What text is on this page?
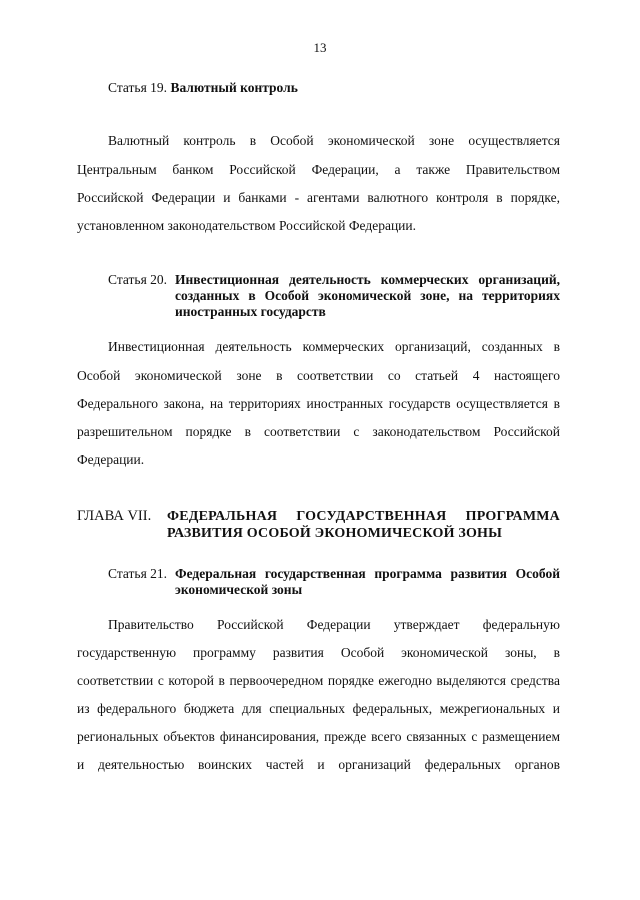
13
Статья 19. Валютный контроль
Валютный контроль в Особой экономической зоне осуществляется
Центральным банком Российской Федерации, а также Правительством
Российской Федерации и банками - агентами валютного контроля в порядке,
установленном законодательством Российской Федерации.
Статья 20. Инвестиционная деятельность коммерческих организаций,
созданных в Особой экономической зоне, на территориях
иностранных государств
Инвестиционная деятельность коммерческих организаций, созданных в
Особой экономической зоне в соответствии со статьей 4 настоящего
Федерального закона, на территориях иностранных государств осуществляется в
разрешительном порядке в соответствии с законодательством Российской
Федерации.
ГЛАВА VII. ФЕДЕРАЛЬНАЯ ГОСУДАРСТВЕННАЯ ПРОГРАММА
РАЗВИТИЯ ОСОБОЙ ЭКОНОМИЧЕСКОЙ ЗОНЫ
Статья 21. Федеральная государственная программа развития Особой
экономической зоны
Правительство Российской Федерации утверждает федеральную
государственную программу развития Особой экономической зоны, в
соответствии с которой в первоочередном порядке ежегодно выделяются средства
из федерального бюджета для специальных федеральных, межрегиональных и
региональных объектов финансирования, прежде всего связанных с размещением
и деятельностью воинских частей и организаций федеральных органов
